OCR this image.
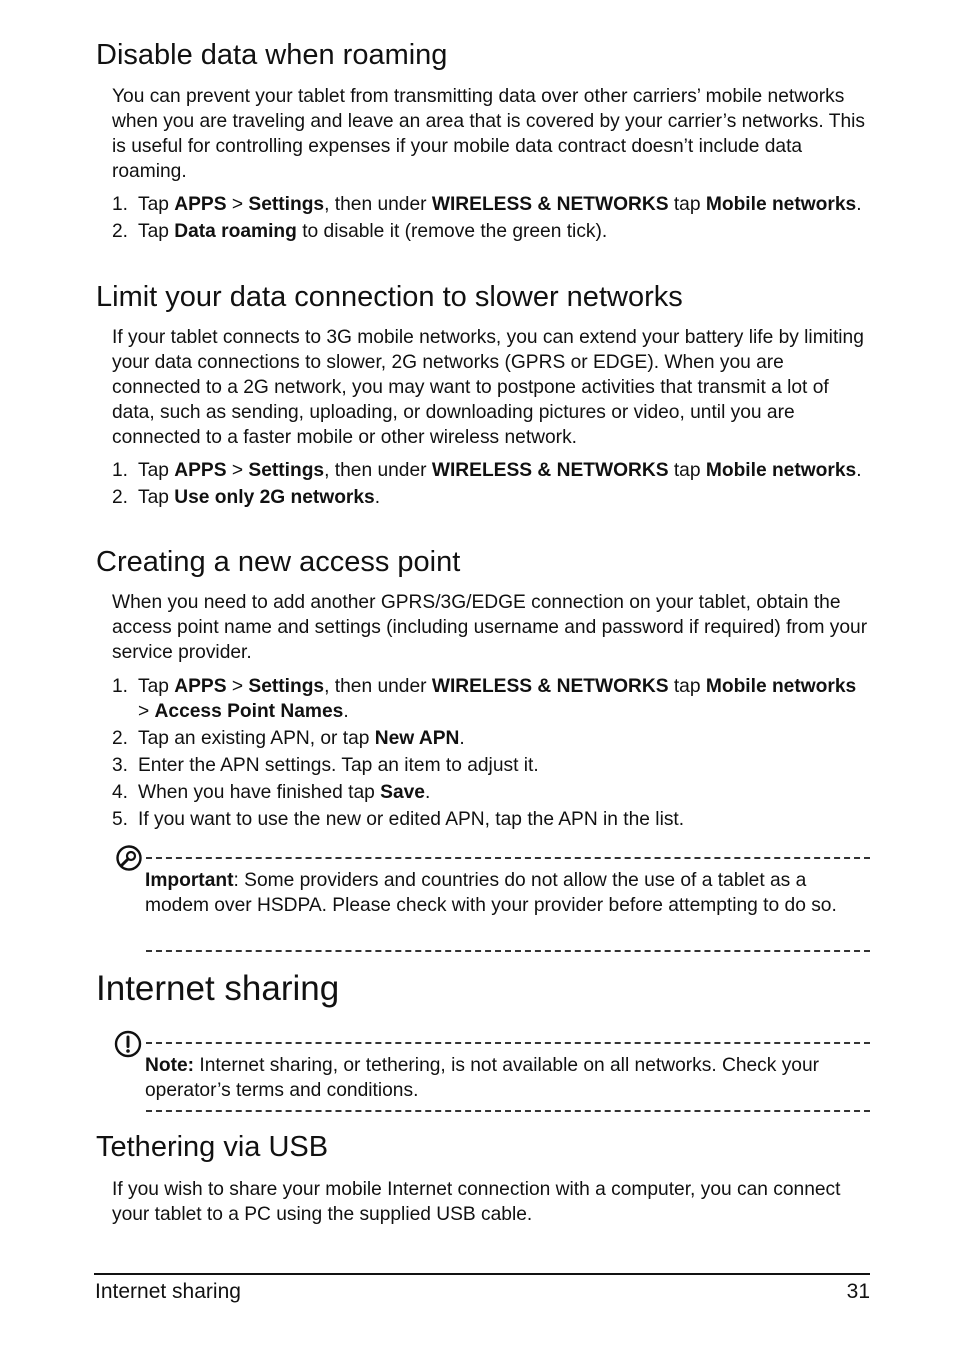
Disable data when roaming

You can prevent your tablet from transmitting data over other carriers’ mobile networks when you are traveling and leave an area that is covered by your carrier’s networks. This is useful for controlling expenses if your mobile data contract doesn’t include data roaming.

1. Tap APPS > Settings, then under WIRELESS & NETWORKS tap Mobile networks.
2. Tap Data roaming to disable it (remove the green tick).
Limit your data connection to slower networks

If your tablet connects to 3G mobile networks, you can extend your battery life by limiting your data connections to slower, 2G networks (GPRS or EDGE). When you are connected to a 2G network, you may want to postpone activities that transmit a lot of data, such as sending, uploading, or downloading pictures or video, until you are connected to a faster mobile or other wireless network.

1. Tap APPS > Settings, then under WIRELESS & NETWORKS tap Mobile networks.
2. Tap Use only 2G networks.
Creating a new access point

When you need to add another GPRS/3G/EDGE connection on your tablet, obtain the access point name and settings (including username and password if required) from your service provider.

1. Tap APPS > Settings, then under WIRELESS & NETWORKS tap Mobile networks > Access Point Names.
2. Tap an existing APN, or tap New APN.
3. Enter the APN settings. Tap an item to adjust it.
4. When you have finished tap Save.
5. If you want to use the new or edited APN, tap the APN in the list.

Important: Some providers and countries do not allow the use of a tablet as a modem over HSDPA. Please check with your provider before attempting to do so.

Internet sharing

Note: Internet sharing, or tethering, is not available on all networks. Check your operator’s terms and conditions.

Tethering via USB

If you wish to share your mobile Internet connection with a computer, you can connect your tablet to a PC using the supplied USB cable.

Internet sharing	31
